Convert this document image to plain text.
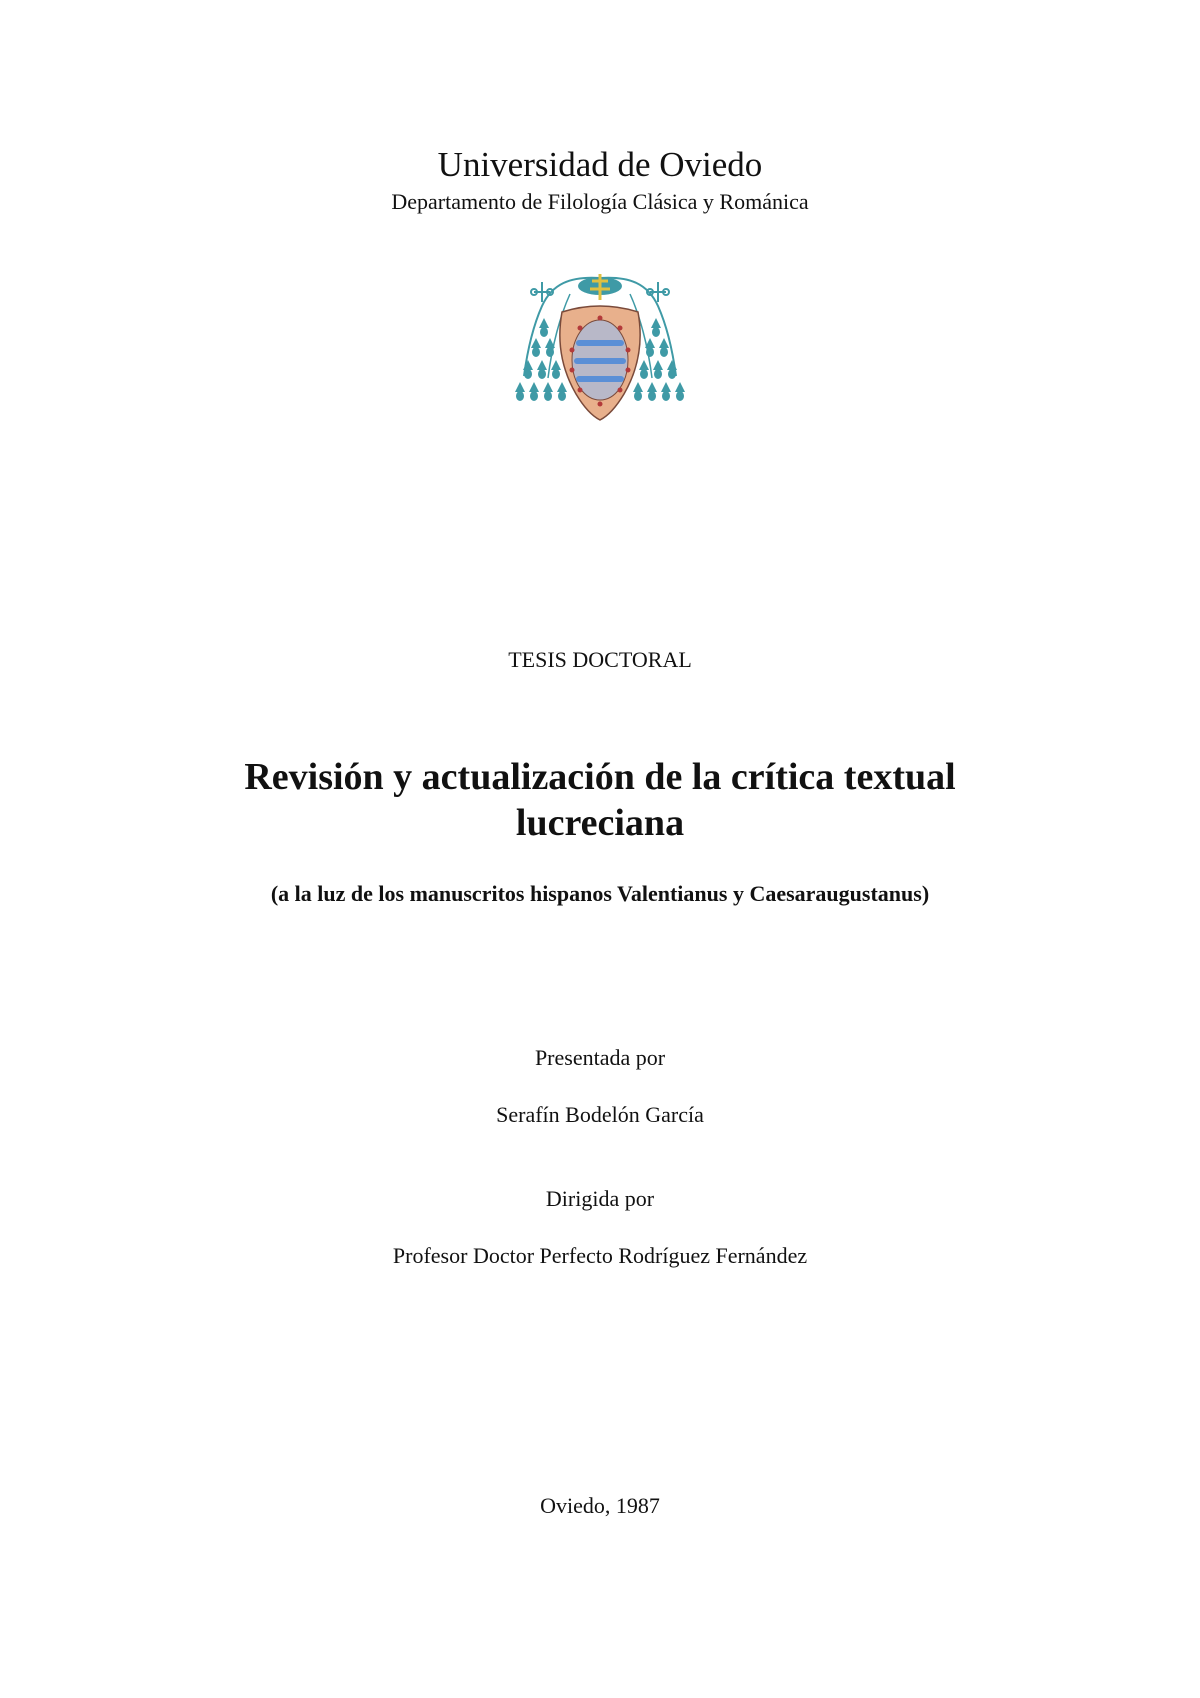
Universidad de Oviedo
Departamento de Filología Clásica y Románica
TESIS DOCTORAL
Revisión y actualización de la crítica textual
lucreciana
(a la luz de los manuscritos hispanos Valentianus y Caesaraugustanus)
Presentada por
Serafín Bodelón García
Dirigida por
Profesor Doctor Perfecto Rodríguez Fernández
Oviedo, 1987
